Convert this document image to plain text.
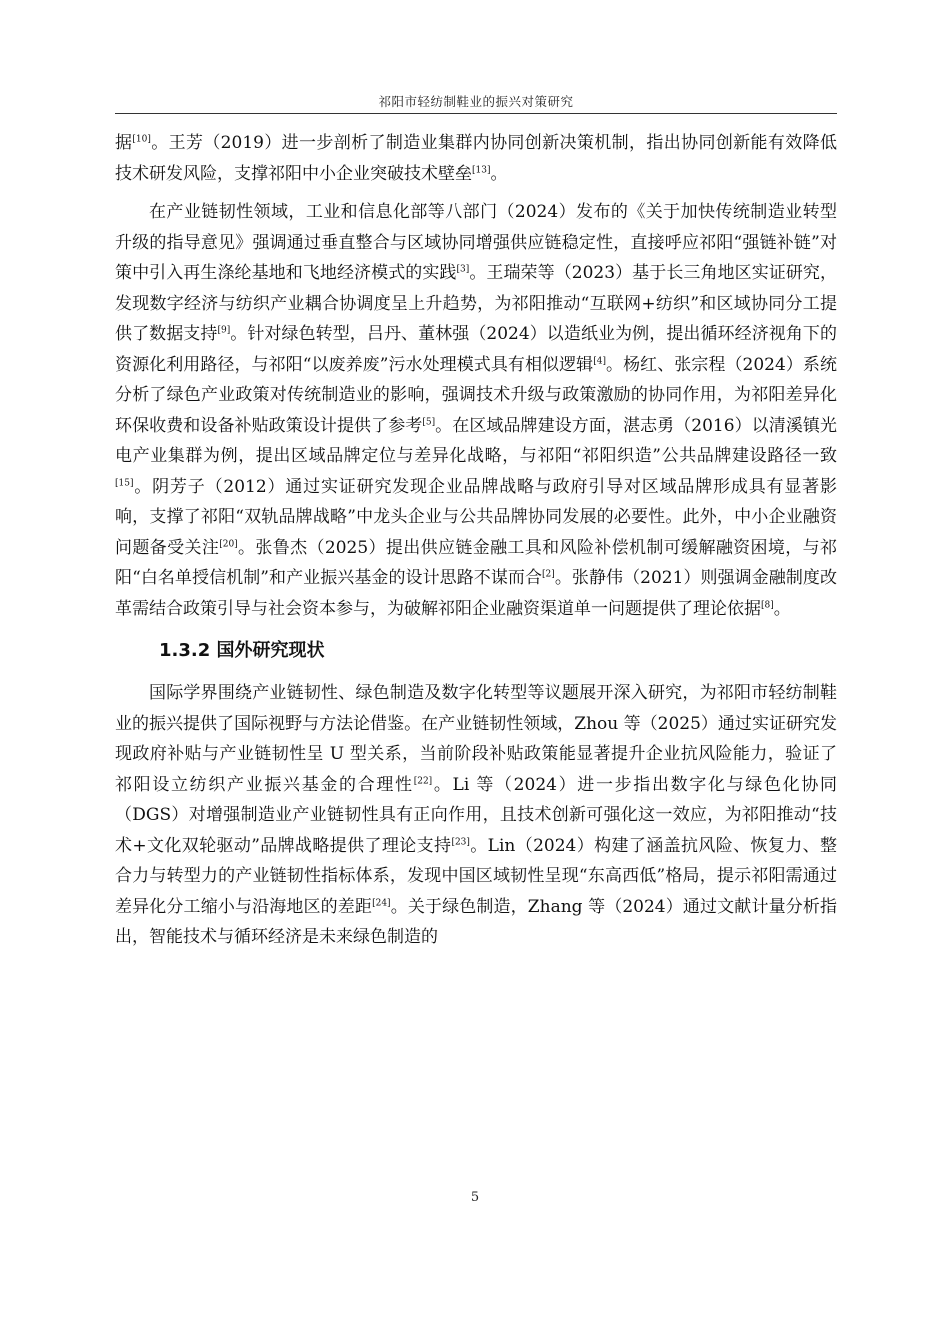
祁阳市轻纺制鞋业的振兴对策研究

据[10]。王芳（2019）进一步剖析了制造业集群内协同创新决策机制，指出协同创新能有效降低技术研发风险，支撑祁阳中小企业突破技术壁垒[13]。

在产业链韧性领域，工业和信息化部等八部门（2024）发布的《关于加快传统制造业转型升级的指导意见》强调通过垂直整合与区域协同增强供应链稳定性，直接呼应祁阳“强链补链”对策中引入再生涤纶基地和飞地经济模式的实践[3]。王瑞荣等（2023）基于长三角地区实证研究，发现数字经济与纺织产业耦合协调度呈上升趋势，为祁阳推动“互联网+纺织”和区域协同分工提供了数据支持[9]。针对绿色转型，吕丹、董林强（2024）以造纸业为例，提出循环经济视角下的资源化利用路径，与祁阳“以废养废”污水处理模式具有相似逻辑[4]。杨红、张宗程（2024）系统分析了绿色产业政策对传统制造业的影响，强调技术升级与政策激励的协同作用，为祁阳差异化环保收费和设备补贴政策设计提供了参考[5]。在区域品牌建设方面，湛志勇（2016）以清溪镇光电产业集群为例，提出区域品牌定位与差异化战略，与祁阳“祁阳织造”公共品牌建设路径一致[15]。阴芳子（2012）通过实证研究发现企业品牌战略与政府引导对区域品牌形成具有显著影响，支撑了祁阳“双轨品牌战略”中龙头企业与公共品牌协同发展的必要性。此外，中小企业融资问题备受关注[20]。张鲁杰（2025）提出供应链金融工具和风险补偿机制可缓解融资困境，与祁阳“白名单授信机制”和产业振兴基金的设计思路不谋而合[2]。张静伟（2021）则强调金融制度改革需结合政策引导与社会资本参与，为破解祁阳企业融资渠道单一问题提供了理论依据[8]。

1.3.2 国外研究现状

国际学界围绕产业链韧性、绿色制造及数字化转型等议题展开深入研究，为祁阳市轻纺制鞋业的振兴提供了国际视野与方法论借鉴。在产业链韧性领域，Zhou 等（2025）通过实证研究发现政府补贴与产业链韧性呈 U 型关系，当前阶段补贴政策能显著提升企业抗风险能力，验证了祁阳设立纺织产业振兴基金的合理性[22]。Li 等（2024）进一步指出数字化与绿色化协同（DGS）对增强制造业产业链韧性具有正向作用，且技术创新可强化这一效应，为祁阳推动“技术+文化双轮驱动”品牌战略提供了理论支持[23]。Lin（2024）构建了涵盖抗风险、恢复力、整合力与转型力的产业链韧性指标体系，发现中国区域韧性呈现“东高西低”格局，提示祁阳需通过差异化分工缩小与沿海地区的差距[24]。关于绿色制造，Zhang 等（2024）通过文献计量分析指出，智能技术与循环经济是未来绿色制造的

5
